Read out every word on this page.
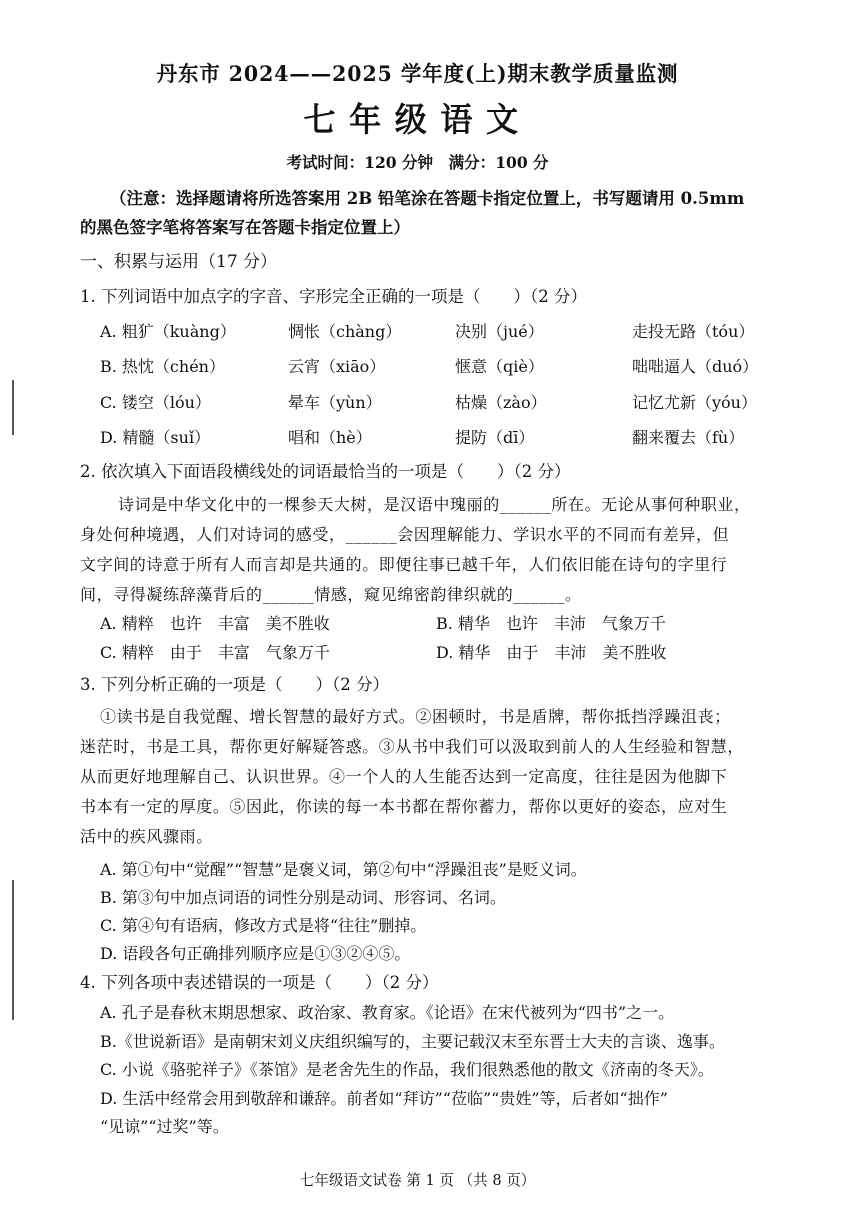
丹东市 2024——2025 学年度(上)期末教学质量监测
七年级语文
考试时间：120 分钟　满分：100 分
（注意：选择题请将所选答案用 2B 铅笔涂在答题卡指定位置上，书写题请用 0.5mm
的黑色签字笔将答案写在答题卡指定位置上）
一、积累与运用（17 分）
1. 下列词语中加点字的字音、字形完全正确的一项是（　　）（2 分）
A. 粗犷（kuàng）	惆怅（chàng）	决别（jué）	走投无路（tóu）
B. 热忱（chén）	云宵（xiāo）	惬意（qiè）	咄咄逼人（duó）
C. 镂空（lóu）	晕车（yùn）	枯燥（zào）	记忆尤新（yóu）
D. 精髓（suǐ）	唱和（hè）	提防（dī）	翻来覆去（fù）
2. 依次填入下面语段横线处的词语最恰当的一项是（　　）（2 分）
诗词是中华文化中的一棵参天大树，是汉语中瑰丽的______所在。无论从事何种职业，
身处何种境遇，人们对诗词的感受，______会因理解能力、学识水平的不同而有差异，但
文字间的诗意于所有人而言却是共通的。即便往事已越千年，人们依旧能在诗句的字里行
间，寻得凝练辞藻背后的______情感，窥见绵密韵律织就的______。
A. 精粹　也许　丰富　美不胜收	B. 精华　也许　丰沛　气象万千
C. 精粹　由于　丰富　气象万千	D. 精华　由于　丰沛　美不胜收
3. 下列分析正确的一项是（　　）（2 分）
①读书是自我觉醒、增长智慧的最好方式。②困顿时，书是盾牌，帮你抵挡浮躁沮丧；
迷茫时，书是工具，帮你更好解疑答惑。③从书中我们可以汲取到前人的人生经验和智慧，
从而更好地理解自己、认识世界。④一个人的人生能否达到一定高度，往往是因为他脚下
书本有一定的厚度。⑤因此，你读的每一本书都在帮你蓄力，帮你以更好的姿态，应对生
活中的疾风骤雨。
A. 第①句中“觉醒”“智慧”是褒义词，第②句中“浮躁沮丧”是贬义词。
B. 第③句中加点词语的词性分别是动词、形容词、名词。
C. 第④句有语病，修改方式是将“往往”删掉。
D. 语段各句正确排列顺序应是①③②④⑤。
4. 下列各项中表述错误的一项是（　　）（2 分）
A. 孔子是春秋末期思想家、政治家、教育家。《论语》在宋代被列为“四书”之一。
B.《世说新语》是南朝宋刘义庆组织编写的，主要记载汉末至东晋士大夫的言谈、逸事。
C. 小说《骆驼祥子》《茶馆》是老舍先生的作品，我们很熟悉他的散文《济南的冬天》。
D. 生活中经常会用到敬辞和谦辞。前者如“拜访”“莅临”“贵姓”等，后者如“拙作”
“见谅”“过奖”等。
七年级语文试卷 第 1 页 （共 8 页）
